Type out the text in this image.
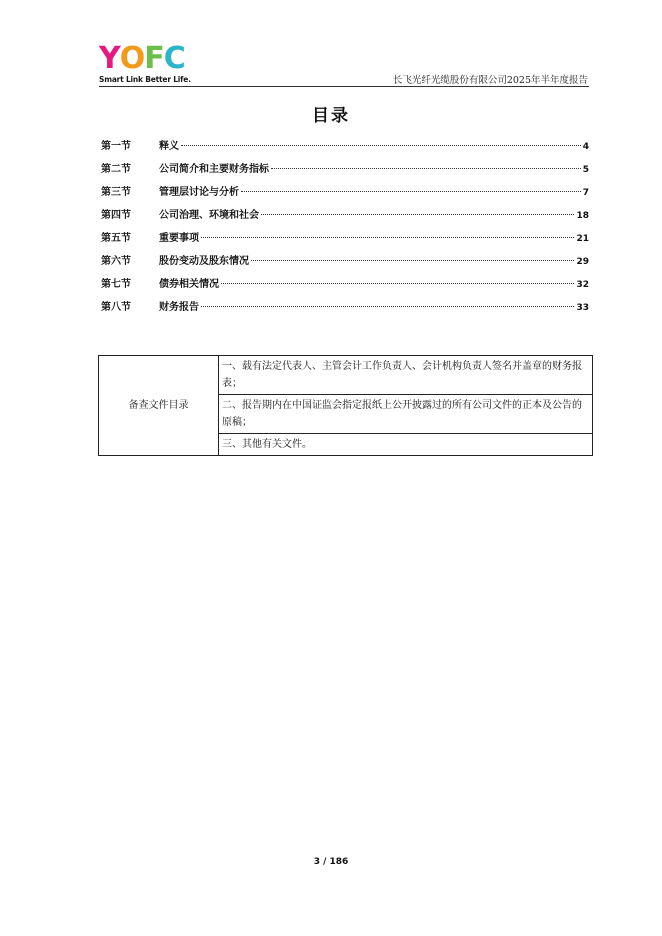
Y O F C
Smart Link Better Life.	长飞光纤光缆股份有限公司2025年半年度报告
目录
第一节	释义	4
第二节	公司简介和主要财务指标	5
第三节	管理层讨论与分析	7
第四节	公司治理、环境和社会	18
第五节	重要事项	21
第六节	股份变动及股东情况	29
第七节	债券相关情况	32
第八节	财务报告	33
备查文件目录	一、载有法定代表人、主管会计工作负责人、会计机构负责人签名并盖章的财务报表；
二、报告期内在中国证监会指定报纸上公开披露过的所有公司文件的正本及公告的原稿；
三、其他有关文件。
3 / 186
